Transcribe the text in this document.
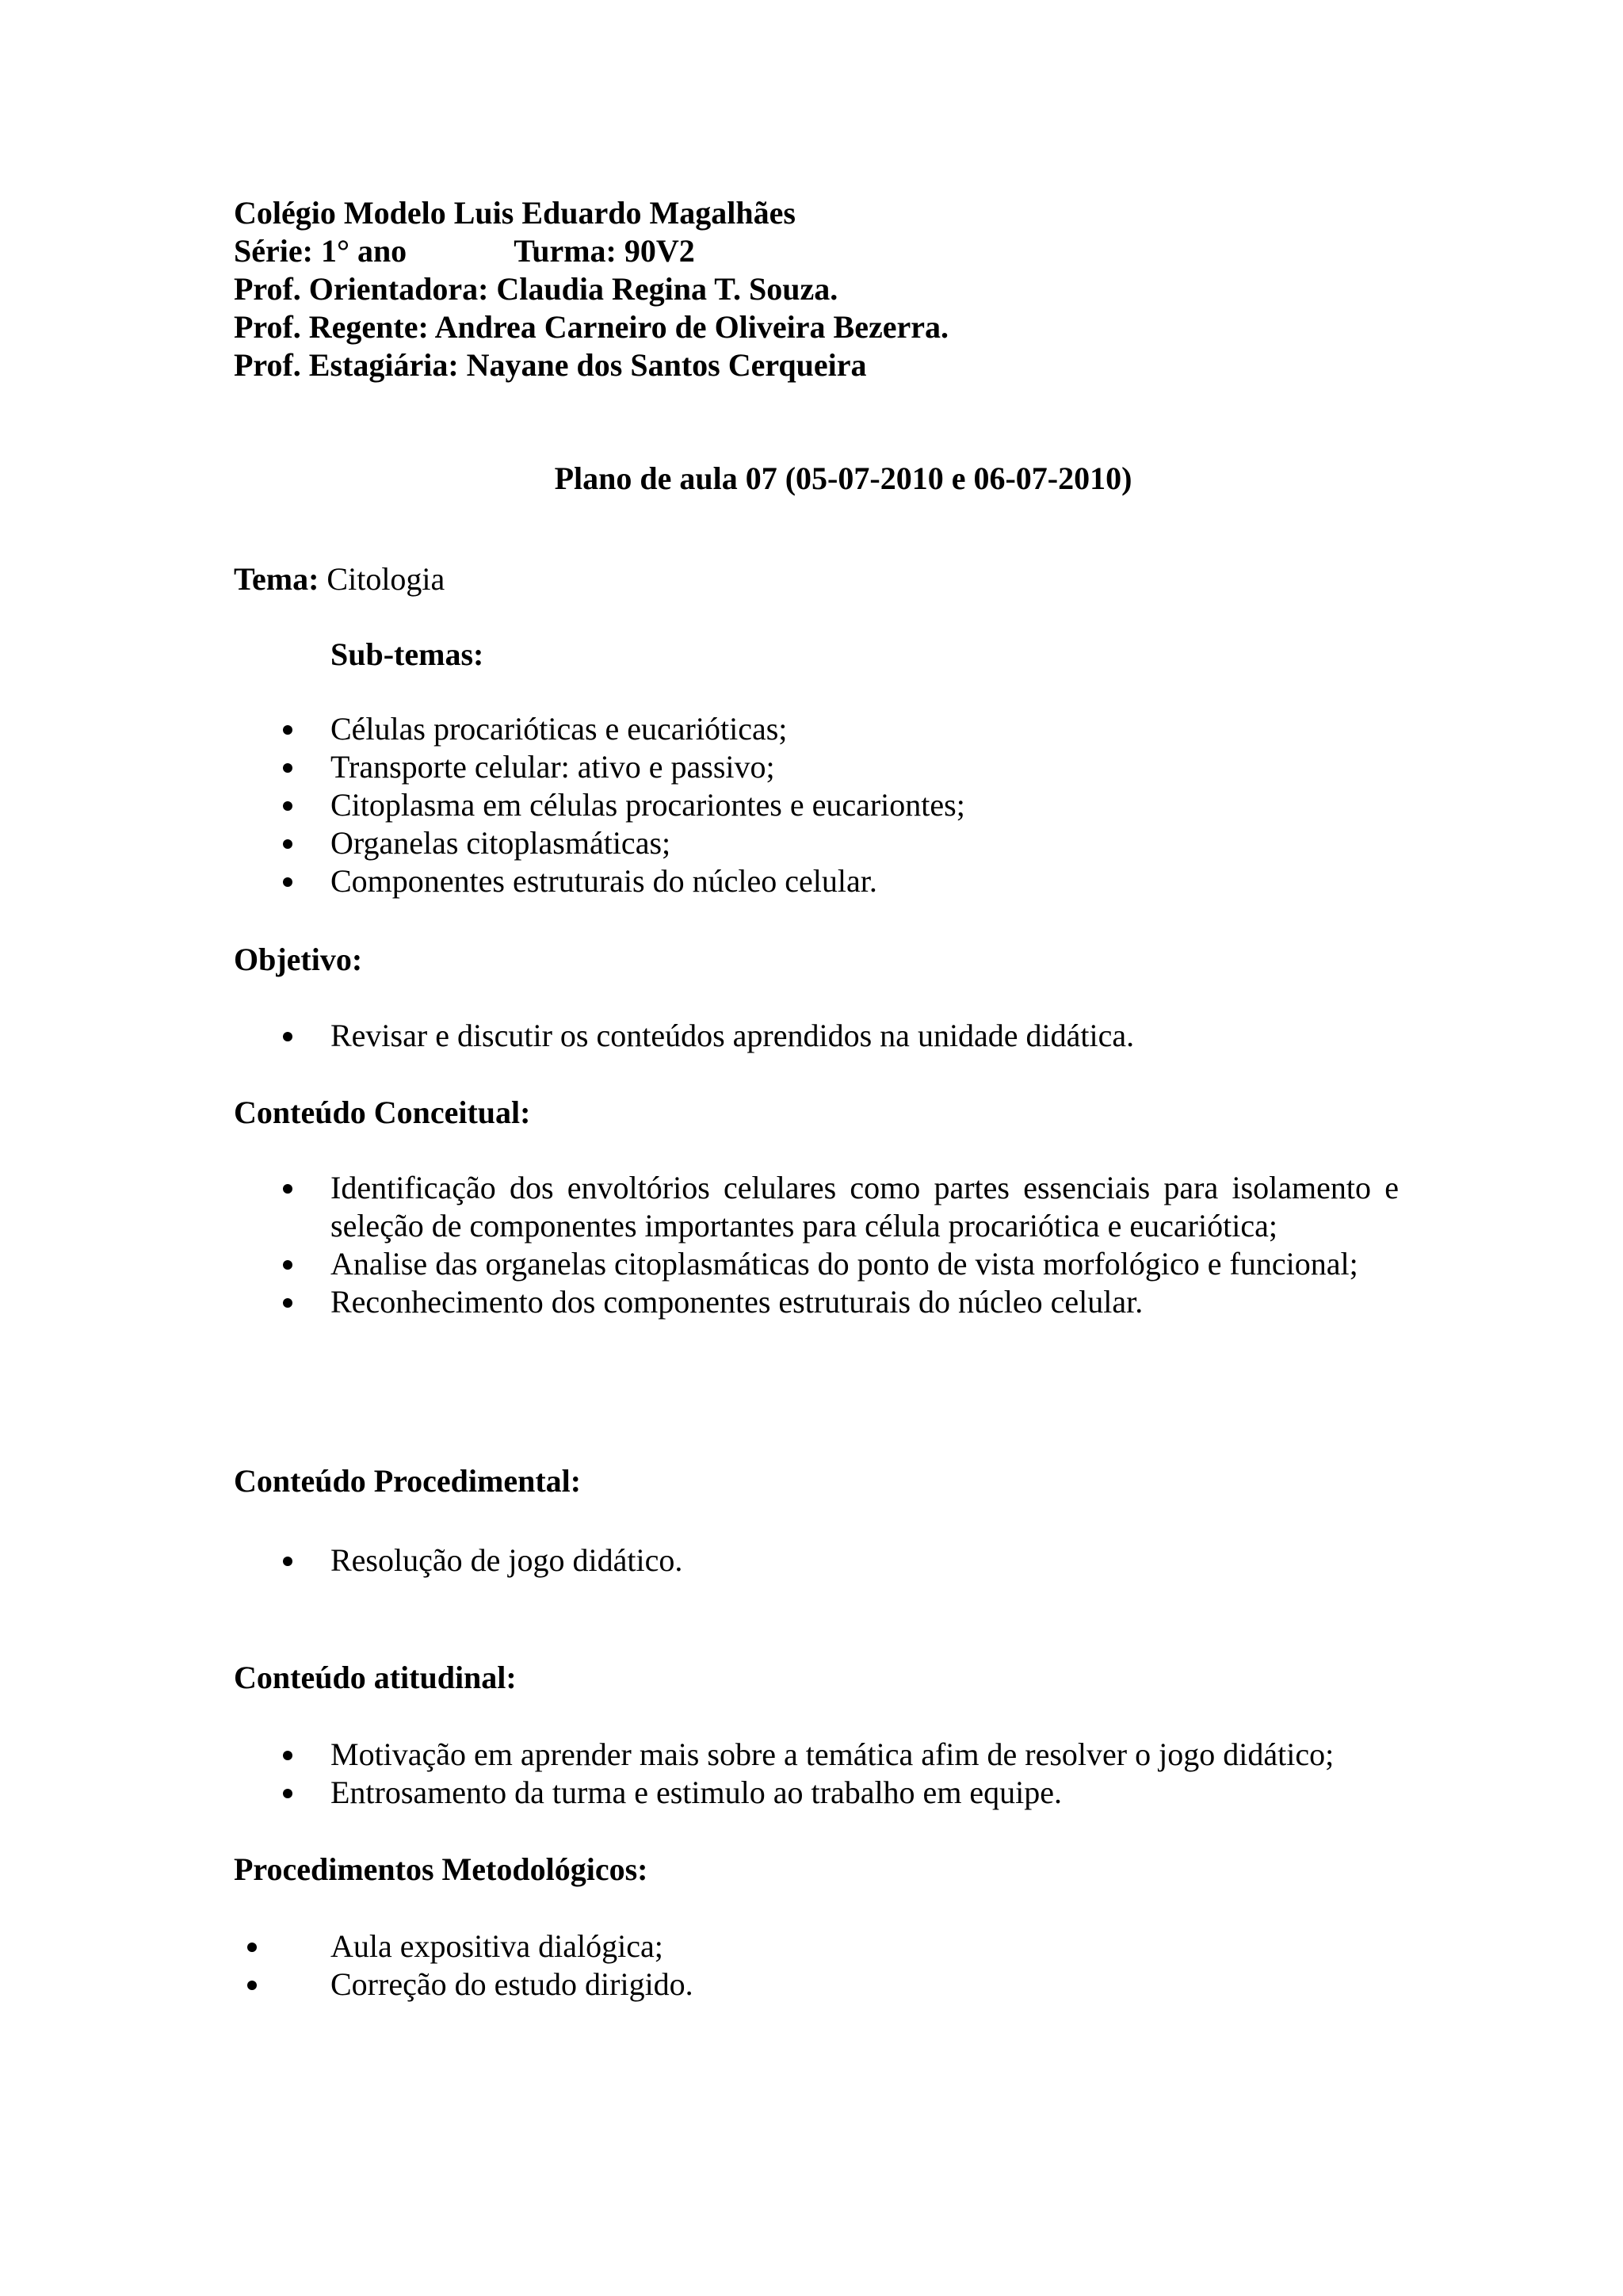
Colégio Modelo Luis Eduardo Magalhães
Série: 1° ano	Turma: 90V2
Prof. Orientadora: Claudia Regina T. Souza.
Prof. Regente: Andrea Carneiro de Oliveira Bezerra.
Prof. Estagiária: Nayane dos Santos Cerqueira
Plano de aula 07 (05-07-2010 e 06-07-2010)
Tema: Citologia
Sub-temas:
Células procarióticas e eucarióticas;
Transporte celular: ativo e passivo;
Citoplasma em células procariontes e eucariontes;
Organelas citoplasmáticas;
Componentes estruturais do núcleo celular.
Objetivo:
Revisar e discutir os conteúdos aprendidos na unidade didática.
Conteúdo Conceitual:
Identificação dos envoltórios celulares como partes essenciais para isolamento e seleção de componentes importantes para célula procariótica e eucariótica;
Analise das organelas citoplasmáticas do ponto de vista morfológico e funcional;
Reconhecimento dos componentes estruturais do núcleo celular.
Conteúdo Procedimental:
Resolução de jogo didático.
Conteúdo atitudinal:
Motivação em aprender mais sobre a temática afim de resolver o jogo didático;
Entrosamento da turma e estimulo ao trabalho em equipe.
Procedimentos Metodológicos:
Aula expositiva dialógica;
Correção do estudo dirigido.
